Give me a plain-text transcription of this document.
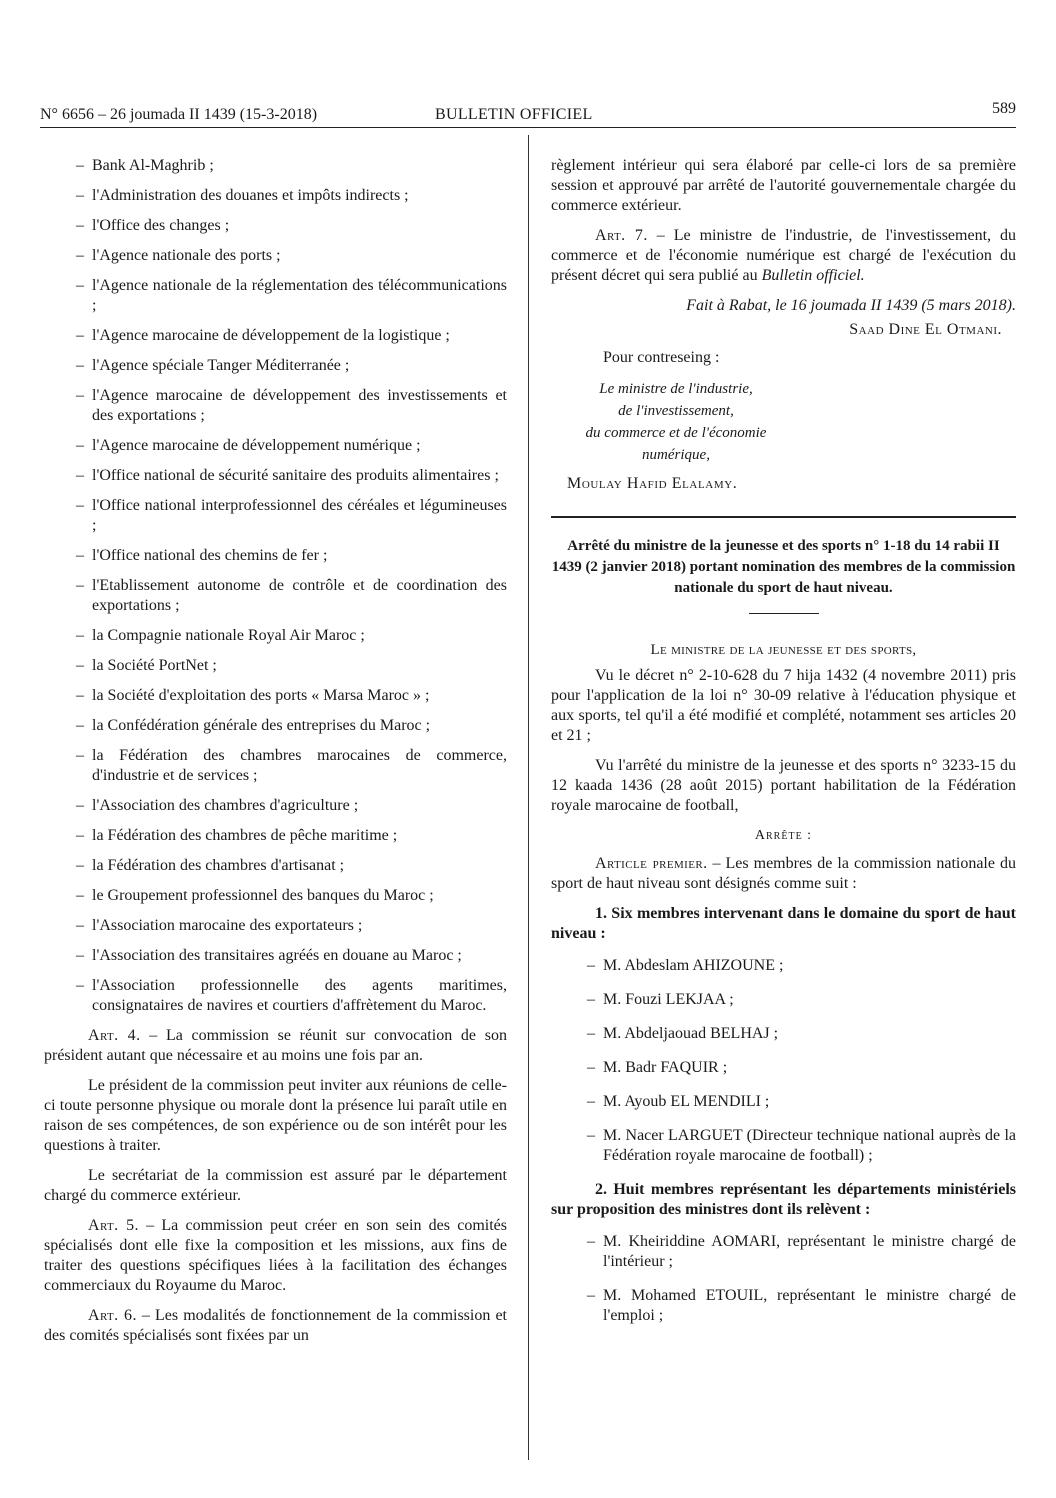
N° 6656 – 26 joumada II 1439 (15-3-2018)	BULLETIN OFFICIEL	589
– Bank Al-Maghrib ;
– l'Administration des douanes et impôts indirects ;
– l'Office des changes ;
– l'Agence nationale des ports ;
– l'Agence nationale de la réglementation des télécommunications ;
– l'Agence marocaine de développement de la logistique ;
– l'Agence spéciale Tanger Méditerranée ;
– l'Agence marocaine de développement des investissements et des exportations ;
– l'Agence marocaine de développement numérique ;
– l'Office national de sécurité sanitaire des produits alimentaires ;
– l'Office national interprofessionnel des céréales et légumineuses ;
– l'Office national des chemins de fer ;
– l'Etablissement autonome de contrôle et de coordination des exportations ;
– la Compagnie nationale Royal Air Maroc ;
– la Société PortNet ;
– la Société d'exploitation des ports « Marsa Maroc » ;
– la Confédération générale des entreprises du Maroc ;
– la Fédération des chambres marocaines de commerce, d'industrie et de services ;
– l'Association des chambres d'agriculture ;
– la Fédération des chambres de pêche maritime ;
– la Fédération des chambres d'artisanat ;
– le Groupement professionnel des banques du Maroc ;
– l'Association marocaine des exportateurs ;
– l'Association des transitaires agréés en douane au Maroc ;
– l'Association professionnelle des agents maritimes, consignataires de navires et courtiers d'affrètement du Maroc.
Art. 4. – La commission se réunit sur convocation de son président autant que nécessaire et au moins une fois par an.
Le président de la commission peut inviter aux réunions de celle-ci toute personne physique ou morale dont la présence lui paraît utile en raison de ses compétences, de son expérience ou de son intérêt pour les questions à traiter.
Le secrétariat de la commission est assuré par le département chargé du commerce extérieur.
Art. 5. – La commission peut créer en son sein des comités spécialisés dont elle fixe la composition et les missions, aux fins de traiter des questions spécifiques liées à la facilitation des échanges commerciaux du Royaume du Maroc.
Art. 6. – Les modalités de fonctionnement de la commission et des comités spécialisés sont fixées par un
règlement intérieur qui sera élaboré par celle-ci lors de sa première session et approuvé par arrêté de l'autorité gouvernementale chargée du commerce extérieur.
Art. 7. – Le ministre de l'industrie, de l'investissement, du commerce et de l'économie numérique est chargé de l'exécution du présent décret qui sera publié au Bulletin officiel.
Fait à Rabat, le 16 joumada II 1439 (5 mars 2018).
Saad Dine El Otmani.
Pour contreseing :
Le ministre de l'industrie,
de l'investissement,
du commerce et de l'économie
numérique,
Moulay Hafid Elalamy.
Arrêté du ministre de la jeunesse et des sports n° 1-18 du 14 rabii II 1439 (2 janvier 2018) portant nomination des membres de la commission nationale du sport de haut niveau.
Le ministre de la jeunesse et des sports,
Vu le décret n° 2-10-628 du 7 hija 1432 (4 novembre 2011) pris pour l'application de la loi n° 30-09 relative à l'éducation physique et aux sports, tel qu'il a été modifié et complété, notamment ses articles 20 et 21 ;
Vu l'arrêté du ministre de la jeunesse et des sports n° 3233-15 du 12 kaada 1436 (28 août 2015) portant habilitation de la Fédération royale marocaine de football,
Arrête :
Article premier. – Les membres de la commission nationale du sport de haut niveau sont désignés comme suit :
1. Six membres intervenant dans le domaine du sport de haut niveau :
– M. Abdeslam AHIZOUNE ;
– M. Fouzi LEKJAA ;
– M. Abdeljaouad BELHAJ ;
– M. Badr FAQUIR ;
– M. Ayoub EL MENDILI ;
– M. Nacer LARGUET (Directeur technique national auprès de la Fédération royale marocaine de football) ;
2. Huit membres représentant les départements ministériels sur proposition des ministres dont ils relèvent :
– M. Kheiriddine AOMARI, représentant le ministre chargé de l'intérieur ;
– M. Mohamed ETOUIL, représentant le ministre chargé de l'emploi ;
